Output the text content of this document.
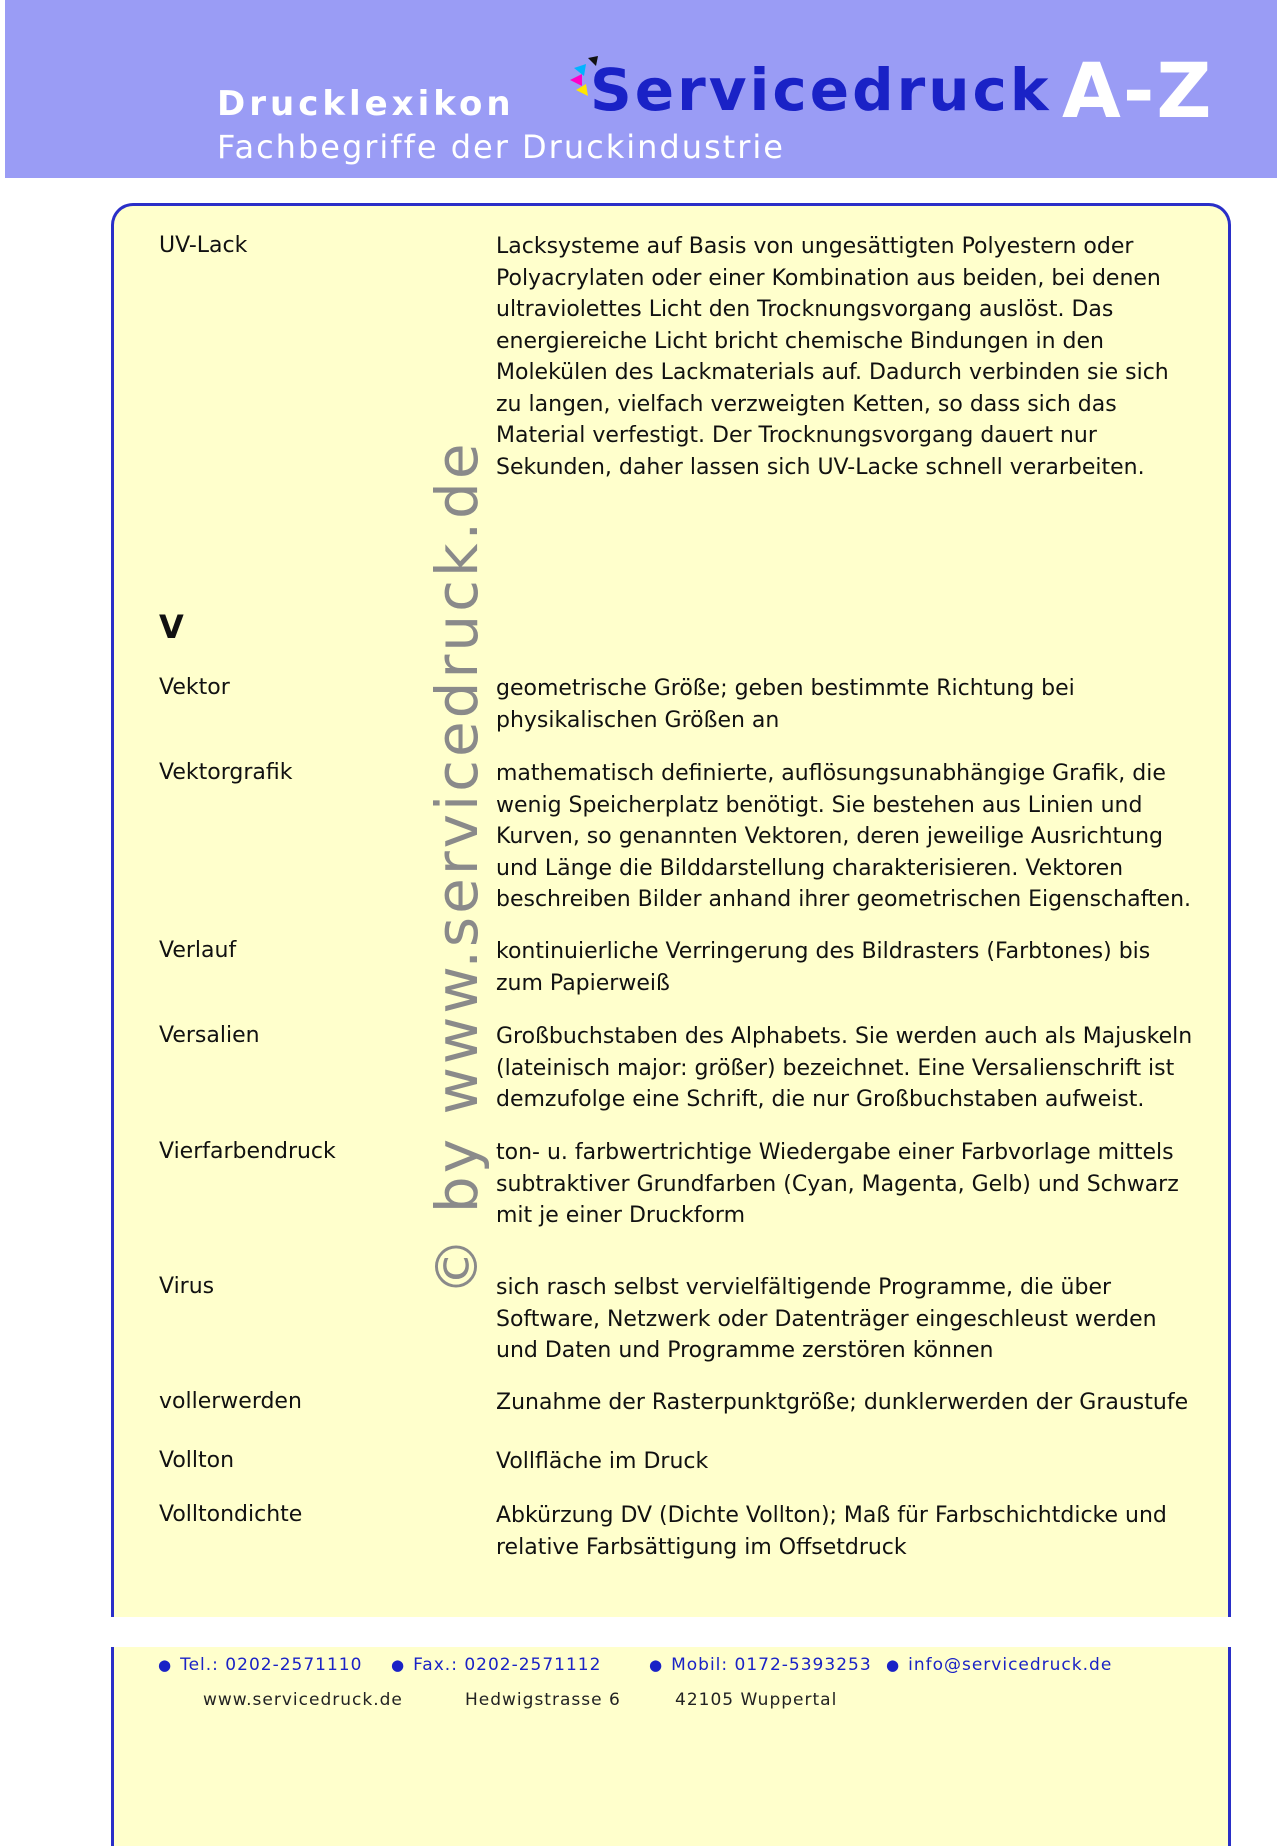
Drucklexikon
Fachbegriffe der Druckindustrie
Servicedruck A-Z
© by www.servicedruck.de
V
UV-Lack	Lacksysteme auf Basis von ungesättigten Polyestern oder Polyacrylaten oder einer Kombination aus beiden, bei denen ultraviolettes Licht den Trocknungsvorgang auslöst. Das energiereiche Licht bricht chemische Bindungen in den Molekülen des Lackmaterials auf. Dadurch verbinden sie sich zu langen, vielfach verzweigten Ketten, so dass sich das Material verfestigt. Der Trocknungsvorgang dauert nur Sekunden, daher lassen sich UV-Lacke schnell verarbeiten.
Vektor	geometrische Größe; geben bestimmte Richtung bei physikalischen Größen an
Vektorgrafik	mathematisch definierte, auflösungsunabhängige Grafik, die wenig Speicherplatz benötigt. Sie bestehen aus Linien und Kurven, so genannten Vektoren, deren jeweilige Ausrichtung und Länge die Bilddarstellung charakterisieren. Vektoren beschreiben Bilder anhand ihrer geometrischen Eigenschaften.
Verlauf	kontinuierliche Verringerung des Bildrasters (Farbtones) bis zum Papierweiß
Versalien	Großbuchstaben des Alphabets. Sie werden auch als Majuskeln (lateinisch major: größer) bezeichnet. Eine Versalienschrift ist demzufolge eine Schrift, die nur Großbuchstaben aufweist.
Vierfarbendruck	ton- u. farbwertrichtige Wiedergabe einer Farbvorlage mittels subtraktiver Grundfarben (Cyan, Magenta, Gelb) und Schwarz mit je einer Druckform
Virus	sich rasch selbst vervielfältigende Programme, die über Software, Netzwerk oder Datenträger eingeschleust werden und Daten und Programme zerstören können
vollerwerden	Zunahme der Rasterpunktgröße; dunklerwerden der Graustufe
Vollton	Vollfläche im Druck
Volltondichte	Abkürzung DV (Dichte Vollton); Maß für Farbschichtdicke und relative Farbsättigung im Offsetdruck
● Tel.: 0202-2571110 ● Fax.: 0202-2571112	● Mobil: 0172-5393253 ● info@servicedruck.de
www.servicedruck.de	Hedwigstrasse 6	42105 Wuppertal
